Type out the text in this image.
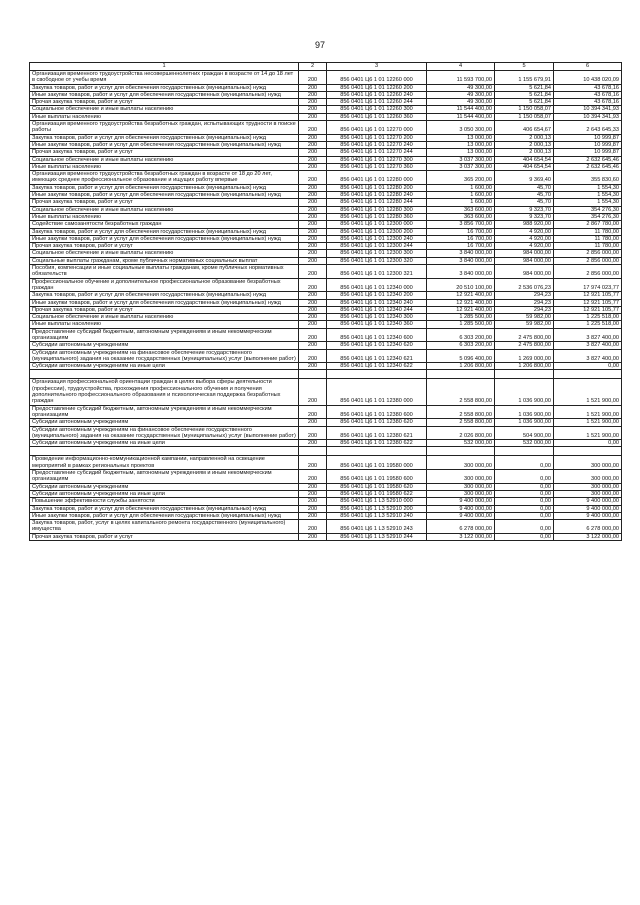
97
1	2	3	4	5	6
Организация временного трудоустройства несовершеннолетних граждан в возрасте от 14 до 18 лет в свободное от учебы время	200	856 0401 Ц6 1 01 12260 000	11 593 700,00	1 155 679,91	10 438 020,09
Закупка товаров, работ и услуг для обеспечения государственных (муниципальных) нужд	200	856 0401 Ц6 1 01 12260 200	49 300,00	5 621,84	43 678,16
Иные закупки товаров, работ и услуг для обеспечения государственных (муниципальных) нужд	200	856 0401 Ц6 1 01 12260 240	49 300,00	5 621,84	43 678,16
Прочая закупка товаров, работ и услуг	200	856 0401 Ц6 1 01 12260 244	49 300,00	5 621,84	43 678,16
Социальное обеспечение и иные выплаты населению	200	856 0401 Ц6 1 01 12260 300	11 544 400,00	1 150 058,07	10 394 341,93
Иные выплаты населению	200	856 0401 Ц6 1 01 12260 360	11 544 400,00	1 150 058,07	10 394 341,93
Организация временного трудоустройства безработных граждан, испытывающих трудности в поиске работы	200	856 0401 Ц6 1 01 12270 000	3 050 300,00	406 654,67	2 643 645,33
Закупка товаров, работ и услуг для обеспечения государственных (муниципальных) нужд	200	856 0401 Ц6 1 01 12270 200	13 000,00	2 000,13	10 999,87
Иные закупки товаров, работ и услуг для обеспечения государственных (муниципальных) нужд	200	856 0401 Ц6 1 01 12270 240	13 000,00	2 000,13	10 999,87
Прочая закупка товаров, работ и услуг	200	856 0401 Ц6 1 01 12270 244	13 000,00	2 000,13	10 999,87
Социальное обеспечение и иные выплаты населению	200	856 0401 Ц6 1 01 12270 300	3 037 300,00	404 654,54	2 632 645,46
Иные выплаты населению	200	856 0401 Ц6 1 01 12270 360	3 037 300,00	404 654,54	2 632 645,46
Организация временного трудоустройства безработных граждан в возрасте от 18 до 20 лет, имеющих среднее профессиональное образование и ищущих работу впервые	200	856 0401 Ц6 1 01 12280 000	365 200,00	9 369,40	355 830,60
Закупка товаров, работ и услуг для обеспечения государственных (муниципальных) нужд	200	856 0401 Ц6 1 01 12280 200	1 600,00	45,70	1 554,30
Иные закупки товаров, работ и услуг для обеспечения государственных (муниципальных) нужд	200	856 0401 Ц6 1 01 12280 240	1 600,00	45,70	1 554,30
Прочая закупка товаров, работ и услуг	200	856 0401 Ц6 1 01 12280 244	1 600,00	45,70	1 554,30
Социальное обеспечение и иные выплаты населению	200	856 0401 Ц6 1 01 12280 300	363 600,00	9 323,70	354 276,30
Иные выплаты населению	200	856 0401 Ц6 1 01 12280 360	363 600,00	9 323,70	354 276,30
Содействие самозанятости безработных граждан	200	856 0401 Ц6 1 01 12300 000	3 856 700,00	988 920,00	2 867 780,00
Закупка товаров, работ и услуг для обеспечения государственных (муниципальных) нужд	200	856 0401 Ц6 1 01 12300 200	16 700,00	4 920,00	11 780,00
Иные закупки товаров, работ и услуг для обеспечения государственных (муниципальных) нужд	200	856 0401 Ц6 1 01 12300 240	16 700,00	4 920,00	11 780,00
Прочая закупка товаров, работ и услуг	200	856 0401 Ц6 1 01 12300 244	16 700,00	4 920,00	11 780,00
Социальное обеспечение и иные выплаты населению	200	856 0401 Ц6 1 01 12300 300	3 840 000,00	984 000,00	2 856 000,00
Социальные выплаты гражданам, кроме публичных нормативных социальных выплат	200	856 0401 Ц6 1 01 12300 320	3 840 000,00	984 000,00	2 856 000,00
Пособия, компенсации и иные социальные выплаты гражданам, кроме публичных нормативных обязательств	200	856 0401 Ц6 1 01 12300 321	3 840 000,00	984 000,00	2 856 000,00
Профессиональное обучение и дополнительное профессиональное образование безработных граждан	200	856 0401 Ц6 1 01 12340 000	20 510 100,00	2 536 076,23	17 974 023,77
Закупка товаров, работ и услуг для обеспечения государственных (муниципальных) нужд	200	856 0401 Ц6 1 01 12340 200	12 921 400,00	294,23	12 921 105,77
Иные закупки товаров, работ и услуг для обеспечения государственных (муниципальных) нужд	200	856 0401 Ц6 1 01 12340 240	12 921 400,00	294,23	12 921 105,77
Прочая закупка товаров, работ и услуг	200	856 0401 Ц6 1 01 12340 244	12 921 400,00	294,23	12 921 105,77
Социальное обеспечение и иные выплаты населению	200	856 0401 Ц6 1 01 12340 300	1 285 500,00	59 982,00	1 225 518,00
Иные выплаты населению	200	856 0401 Ц6 1 01 12340 360	1 285 500,00	59 982,00	1 225 518,00
Предоставление субсидий бюджетным, автономным учреждениям и иным некоммерческим организациям	200	856 0401 Ц6 1 01 12340 600	6 303 200,00	2 475 800,00	3 827 400,00
Субсидии автономным учреждениям	200	856 0401 Ц6 1 01 12340 620	6 303 200,00	2 475 800,00	3 827 400,00
Субсидии автономным учреждениям на финансовое обеспечение государственного (муниципального) задания на оказание государственных (муниципальных) услуг (выполнение работ)	200	856 0401 Ц6 1 01 12340 621	5 096 400,00	1 269 000,00	3 827 400,00
Субсидии автономным учреждениям на иные цели	200	856 0401 Ц6 1 01 12340 622	1 206 800,00	1 206 800,00	0,00

Организация профессиональной ориентации граждан в целях выбора сферы деятельности (профессии), трудоустройства, прохождения профессионального обучения и получения дополнительного профессионального образования и психологическая поддержка безработных граждан	200	856 0401 Ц6 1 01 12380 000	2 558 800,00	1 036 900,00	1 521 900,00
Предоставление субсидий бюджетным, автономным учреждениям и иным некоммерческим организациям	200	856 0401 Ц6 1 01 12380 600	2 558 800,00	1 036 900,00	1 521 900,00
Субсидии автономным учреждениям	200	856 0401 Ц6 1 01 12380 620	2 558 800,00	1 036 900,00	1 521 900,00
Субсидии автономным учреждениям на финансовое обеспечение государственного (муниципального) задания на оказание государственных (муниципальных) услуг (выполнение работ)	200	856 0401 Ц6 1 01 12380 621	2 026 800,00	504 900,00	1 521 900,00
Субсидии автономным учреждениям на иные цели	200	856 0401 Ц6 1 01 12380 622	532 000,00	532 000,00	0,00

Проведение информационно-коммуникационной кампании, направленной на освещение мероприятий в рамках региональных проектов	200	856 0401 Ц6 1 01 19580 000	300 000,00	0,00	300 000,00
Предоставление субсидий бюджетным, автономным учреждениям и иным некоммерческим организациям	200	856 0401 Ц6 1 01 19580 600	300 000,00	0,00	300 000,00
Субсидии автономным учреждениям	200	856 0401 Ц6 1 01 19580 620	300 000,00	0,00	300 000,00
Субсидии автономным учреждениям на иные цели	200	856 0401 Ц6 1 01 19580 622	300 000,00	0,00	300 000,00
Повышение эффективности службы занятости	200	856 0401 Ц6 1 L3 52910 000	9 400 000,00	0,00	9 400 000,00
Закупка товаров, работ и услуг для обеспечения государственных (муниципальных) нужд	200	856 0401 Ц6 1 L3 52910 200	9 400 000,00	0,00	9 400 000,00
Иные закупки товаров, работ и услуг для обеспечения государственных (муниципальных) нужд	200	856 0401 Ц6 1 L3 52910 240	9 400 000,00	0,00	9 400 000,00
Закупка товаров, работ, услуг в целях капитального ремонта государственного (муниципального) имущества	200	856 0401 Ц6 1 L3 52910 243	6 278 000,00	0,00	6 278 000,00
Прочая закупка товаров, работ и услуг	200	856 0401 Ц6 1 L3 52910 244	3 122 000,00	0,00	3 122 000,00
